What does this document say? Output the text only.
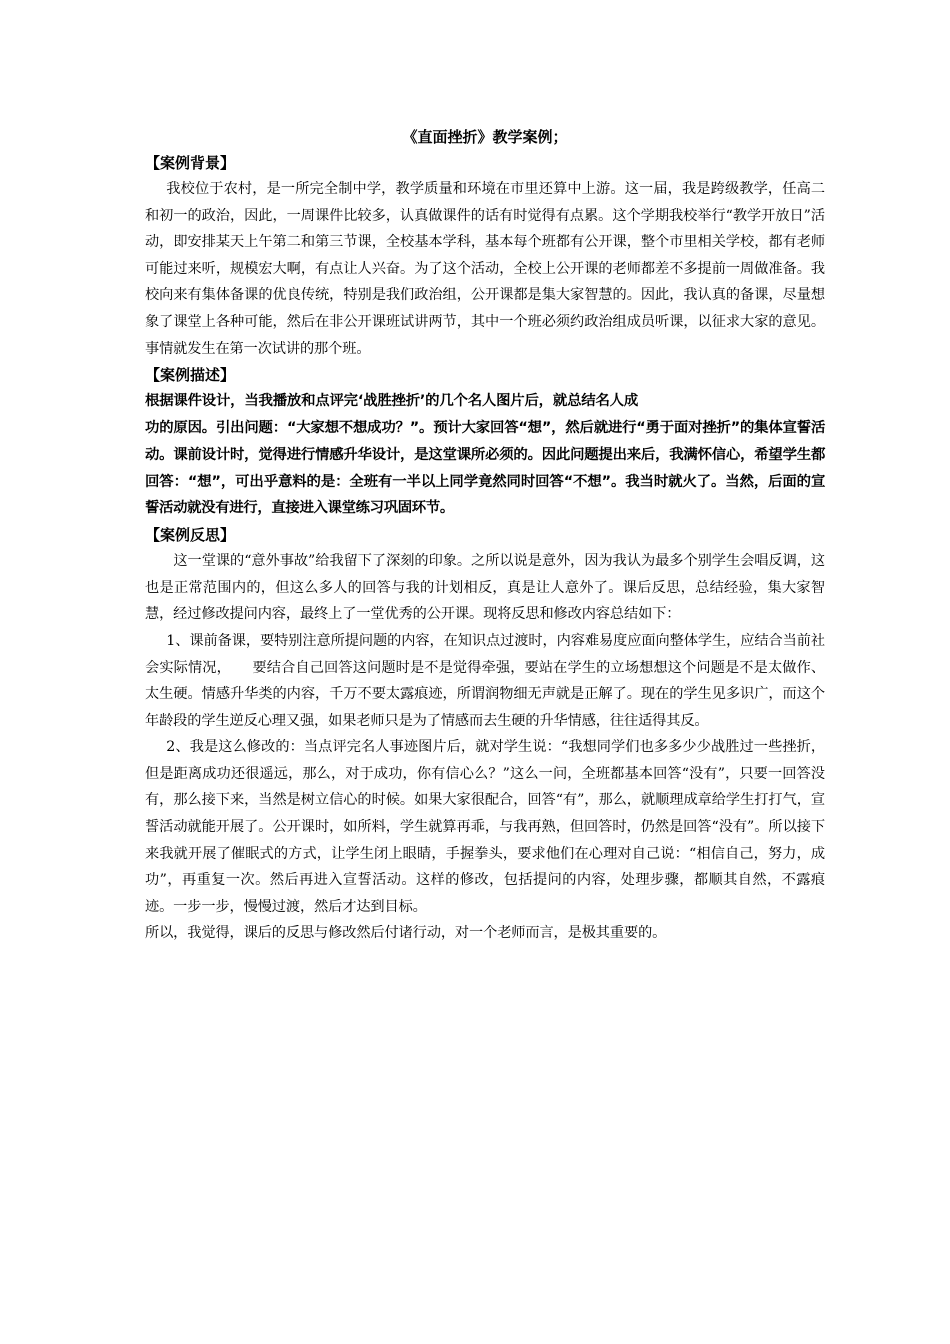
《直面挫折》教学案例；

【案例背景】

我校位于农村，是一所完全制中学，教学质量和环境在市里还算中上游。这一届，我是跨级教学，任高二和初一的政治，因此，一周课件比较多，认真做课件的话有时觉得有点累。这个学期我校举行“教学开放日”活动，即安排某天上午第二和第三节课，全校基本学科，基本每个班都有公开课，整个市里相关学校，都有老师可能过来听，规模宏大啊，有点让人兴奋。为了这个活动，全校上公开课的老师都差不多提前一周做准备。我校向来有集体备课的优良传统，特别是我们政治组，公开课都是集大家智慧的。因此，我认真的备课，尽量想象了课堂上各种可能，然后在非公开课班试讲两节，其中一个班必须约政治组成员听课，以征求大家的意见。事情就发生在第一次试讲的那个班。

【案例描述】

根据课件设计，当我播放和点评完‘战胜挫折’的几个名人图片后，就总结名人成

功的原因。引出问题：“大家想不想成功？”。预计大家回答“想”，然后就进行“勇于面对挫折”的集体宣誓活动。课前设计时，觉得进行情感升华设计，是这堂课所必须的。因此问题提出来后，我满怀信心，希望学生都回答：“想”，可出乎意料的是：全班有一半以上同学竟然同时回答“不想”。我当时就火了。当然，后面的宣誓活动就没有进行，直接进入课堂练习巩固环节。

【案例反思】

这一堂课的“意外事故”给我留下了深刻的印象。之所以说是意外，因为我认为最多个别学生会唱反调，这也是正常范围内的，但这么多人的回答与我的计划相反，真是让人意外了。课后反思，总结经验，集大家智慧，经过修改提问内容，最终上了一堂优秀的公开课。现将反思和修改内容总结如下：

1、课前备课，要特别注意所提问题的内容，在知识点过渡时，内容难易度应面向整体学生，应结合当前社会实际情况，　　要结合自己回答这问题时是不是觉得牵强，要站在学生的立场想想这个问题是不是太做作、太生硬。情感升华类的内容，千万不要太露痕迹，所谓润物细无声就是正解了。现在的学生见多识广，而这个年龄段的学生逆反心理又强，如果老师只是为了情感而去生硬的升华情感，往往适得其反。

2、我是这么修改的：当点评完名人事迹图片后，就对学生说：“我想同学们也多多少少战胜过一些挫折，但是距离成功还很遥远，那么，对于成功，你有信心么？”这么一问，全班都基本回答“没有”，只要一回答没有，那么接下来，当然是树立信心的时候。如果大家很配合，回答“有”，那么，就顺理成章给学生打打气，宣誓活动就能开展了。公开课时，如所料，学生就算再乖，与我再熟，但回答时，仍然是回答“没有”。所以接下来我就开展了催眠式的方式，让学生闭上眼睛，手握拳头，要求他们在心理对自己说：“相信自己，努力，成功”，再重复一次。然后再进入宣誓活动。这样的修改，包括提问的内容，处理步骤，都顺其自然，不露痕迹。一步一步，慢慢过渡，然后才达到目标。

所以，我觉得，课后的反思与修改然后付诸行动，对一个老师而言，是极其重要的。
